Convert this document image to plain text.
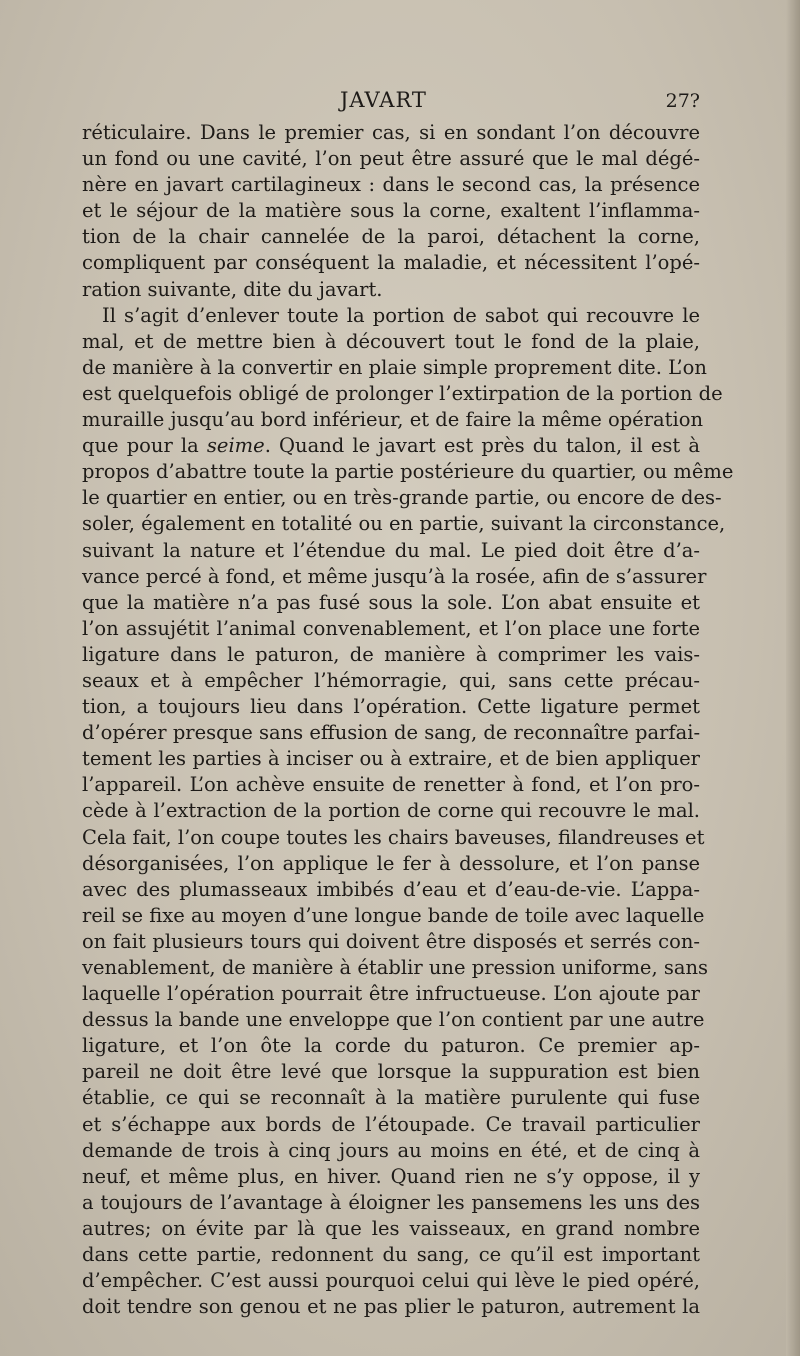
JAVART	27?
réticulaire. Dans le premier cas, si en sondant l’on découvre
un fond ou une cavité, l’on peut être assuré que le mal dégé-
nère en javart cartilagineux : dans le second cas, la présence
et le séjour de la matière sous la corne, exaltent l’inflamma-
tion de la chair cannelée de la paroi, détachent la corne,
compliquent par conséquent la maladie, et nécessitent l’opé-
ration suivante, dite du javart.
Il s’agit d’enlever toute la portion de sabot qui recouvre le
mal, et de mettre bien à découvert tout le fond de la plaie,
de manière à la convertir en plaie simple proprement dite. L’on
est quelquefois obligé de prolonger l’extirpation de la portion de
muraille jusqu’au bord inférieur, et de faire la même opération
que pour la seime. Quand le javart est près du talon, il est à
propos d’abattre toute la partie postérieure du quartier, ou même
le quartier en entier, ou en très-grande partie, ou encore de des-
soler, également en totalité ou en partie, suivant la circonstance,
suivant la nature et l’étendue du mal. Le pied doit être d’a-
vance percé à fond, et même jusqu’à la rosée, afin de s’assurer
que la matière n’a pas fusé sous la sole. L’on abat ensuite et
l’on assujétit l’animal convenablement, et l’on place une forte
ligature dans le paturon, de manière à comprimer les vais-
seaux et à empêcher l’hémorragie, qui, sans cette précau-
tion, a toujours lieu dans l’opération. Cette ligature permet
d’opérer presque sans effusion de sang, de reconnaître parfai-
tement les parties à inciser ou à extraire, et de bien appliquer
l’appareil. L’on achève ensuite de renetter à fond, et l’on pro-
cède à l’extraction de la portion de corne qui recouvre le mal.
Cela fait, l’on coupe toutes les chairs baveuses, filandreuses et
désorganisées, l’on applique le fer à dessolure, et l’on panse
avec des plumasseaux imbibés d’eau et d’eau-de-vie. L’appa-
reil se fixe au moyen d’une longue bande de toile avec laquelle
on fait plusieurs tours qui doivent être disposés et serrés con-
venablement, de manière à établir une pression uniforme, sans
laquelle l’opération pourrait être infructueuse. L’on ajoute par
dessus la bande une enveloppe que l’on contient par une autre
ligature, et l’on ôte la corde du paturon. Ce premier ap-
pareil ne doit être levé que lorsque la suppuration est bien
établie, ce qui se reconnaît à la matière purulente qui fuse
et s’échappe aux bords de l’étoupade. Ce travail particulier
demande de trois à cinq jours au moins en été, et de cinq à
neuf, et même plus, en hiver. Quand rien ne s’y oppose, il y
a toujours de l’avantage à éloigner les pansemens les uns des
autres; on évite par là que les vaisseaux, en grand nombre
dans cette partie, redonnent du sang, ce qu’il est important
d’empêcher. C’est aussi pourquoi celui qui lève le pied opéré,
doit tendre son genou et ne pas plier le paturon, autrement la
